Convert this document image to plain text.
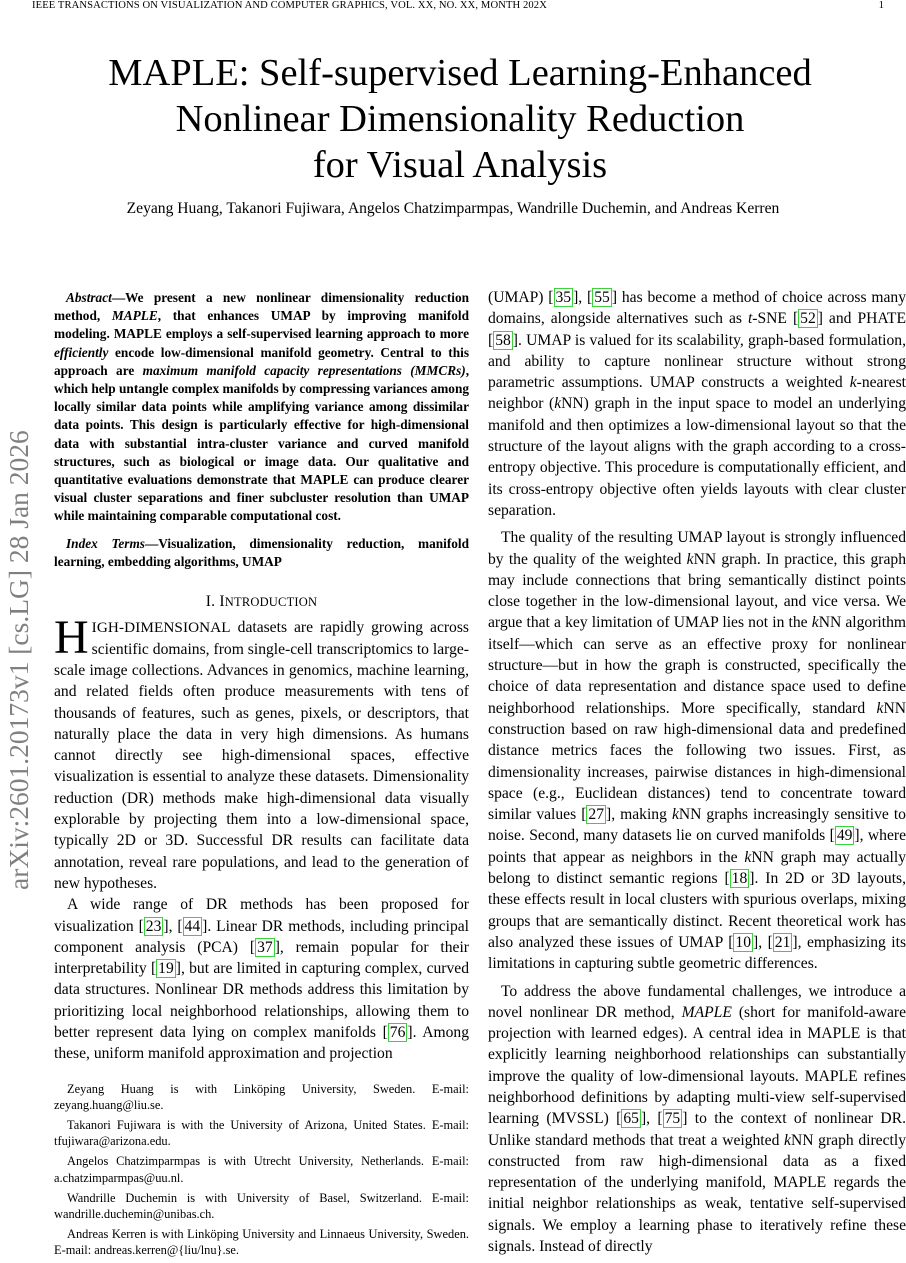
IEEE TRANSACTIONS ON VISUALIZATION AND COMPUTER GRAPHICS, VOL. XX, NO. XX, MONTH 202X	1
arXiv:2601.20173v1 [cs.LG] 28 Jan 2026
MAPLE: Self-supervised Learning-Enhanced
Nonlinear Dimensionality Reduction
for Visual Analysis
Zeyang Huang, Takanori Fujiwara, Angelos Chatzimparmpas, Wandrille Duchemin, and Andreas Kerren

Abstract—We present a new nonlinear dimensionality reduction method, MAPLE, that enhances UMAP by improving manifold modeling. MAPLE employs a self-supervised learning approach to more efficiently encode low-dimensional manifold geometry. Central to this approach are maximum manifold capacity representations (MMCRs), which help untangle complex manifolds by compressing variances among locally similar data points while amplifying variance among dissimilar data points. This design is particularly effective for high-dimensional data with substantial intra-cluster variance and curved manifold structures, such as biological or image data. Our qualitative and quantitative evaluations demonstrate that MAPLE can produce clearer visual cluster separations and finer subcluster resolution than UMAP while maintaining comparable computational cost.

Index Terms—Visualization, dimensionality reduction, manifold learning, embedding algorithms, UMAP

I. INTRODUCTION

HIGH-DIMENSIONAL datasets are rapidly growing across scientific domains, from single-cell transcriptomics to large-scale image collections. Advances in genomics, machine learning, and related fields often produce measurements with tens of thousands of features, such as genes, pixels, or descriptors, that naturally place the data in very high dimensions. As humans cannot directly see high-dimensional spaces, effective visualization is essential to analyze these datasets. Dimensionality reduction (DR) methods make high-dimensional data visually explorable by projecting them into a low-dimensional space, typically 2D or 3D. Successful DR results can facilitate data annotation, reveal rare populations, and lead to the generation of new hypotheses.

A wide range of DR methods has been proposed for visualization [ 23 ], [ 44 ]. Linear DR methods, including principal component analysis (PCA) [ 37 ], remain popular for their interpretability [ 19 ], but are limited in capturing complex, curved data structures. Nonlinear DR methods address this limitation by prioritizing local neighborhood relationships, allowing them to better represent data lying on complex manifolds [ 76 ]. Among these, uniform manifold approximation and projection

Zeyang Huang is with Linköping University, Sweden. E-mail: zeyang.huang@liu.se.

Takanori Fujiwara is with the University of Arizona, United States. E-mail: tfujiwara@arizona.edu.

Angelos Chatzimparmpas is with Utrecht University, Netherlands. E-mail: a.chatzimparmpas@uu.nl.

Wandrille Duchemin is with University of Basel, Switzerland. E-mail: wandrille.duchemin@unibas.ch.

Andreas Kerren is with Linköping University and Linnaeus University, Sweden. E-mail: andreas.kerren@{liu/lnu}.se.

(UMAP) [ 35 ], [ 55 ] has become a method of choice across many domains, alongside alternatives such as t-SNE [ 52 ] and PHATE [ 58 ]. UMAP is valued for its scalability, graph-based formulation, and ability to capture nonlinear structure without strong parametric assumptions. UMAP constructs a weighted k-nearest neighbor (kNN) graph in the input space to model an underlying manifold and then optimizes a low-dimensional layout so that the structure of the layout aligns with the graph according to a cross-entropy objective. This procedure is computationally efficient, and its cross-entropy objective often yields layouts with clear cluster separation.

The quality of the resulting UMAP layout is strongly influenced by the quality of the weighted kNN graph. In practice, this graph may include connections that bring semantically distinct points close together in the low-dimensional layout, and vice versa. We argue that a key limitation of UMAP lies not in the kNN algorithm itself—which can serve as an effective proxy for nonlinear structure—but in how the graph is constructed, specifically the choice of data representation and distance space used to define neighborhood relationships. More specifically, standard kNN construction based on raw high-dimensional data and predefined distance metrics faces the following two issues. First, as dimensionality increases, pairwise distances in high-dimensional space (e.g., Euclidean distances) tend to concentrate toward similar values [ 27 ], making kNN graphs increasingly sensitive to noise. Second, many datasets lie on curved manifolds [ 49 ], where points that appear as neighbors in the kNN graph may actually belong to distinct semantic regions [ 18 ]. In 2D or 3D layouts, these effects result in local clusters with spurious overlaps, mixing groups that are semantically distinct. Recent theoretical work has also analyzed these issues of UMAP [ 10 ], [ 21 ], emphasizing its limitations in capturing subtle geometric differences.

To address the above fundamental challenges, we introduce a novel nonlinear DR method, MAPLE (short for manifold-aware projection with learned edges). A central idea in MAPLE is that explicitly learning neighborhood relationships can substantially improve the quality of low-dimensional layouts. MAPLE refines neighborhood definitions by adapting multi-view self-supervised learning (MVSSL) [ 65 ], [ 75 ] to the context of nonlinear DR. Unlike standard methods that treat a weighted kNN graph directly constructed from raw high-dimensional data as a fixed representation of the underlying manifold, MAPLE regards the initial neighbor relationships as weak, tentative self-supervised signals. We employ a learning phase to iteratively refine these signals. Instead of directly
